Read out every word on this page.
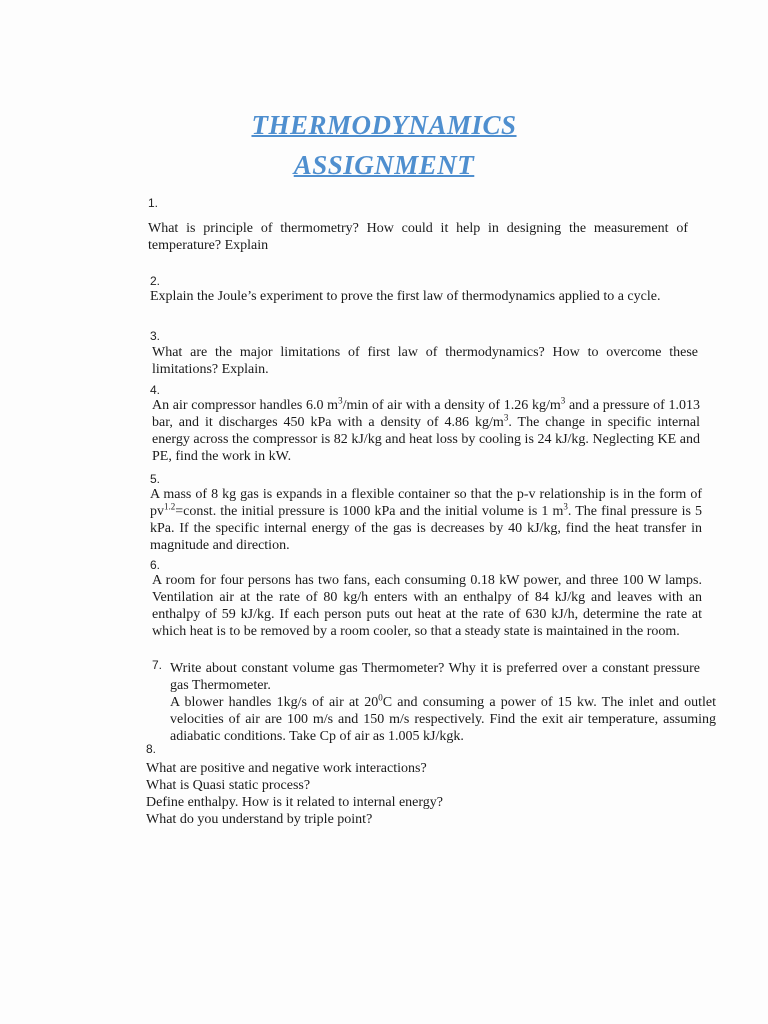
THERMODYNAMICS
ASSIGNMENT
1.
What is principle of thermometry? How could it help in designing the measurement of temperature? Explain
2.
Explain the Joule’s experiment to prove the first law of thermodynamics applied to a cycle.
3.
What are the major limitations of first law of thermodynamics? How to overcome these limitations? Explain.
4.
An air compressor handles 6.0 $m^3/\min$ of air with a density of 1.26 $kg/m^3$ and a pressure of 1.013 bar, and it discharges 450 kPa with a density of 4.86 $kg/m^3$. The change in specific internal energy across the compressor is 82 kJ/kg and heat loss by cooling is 24 kJ/kg. Neglecting KE and PE, find the work in kW.
5.
A mass of 8 kg gas is expands in a flexible container so that the p-v relationship is in the form of $pv^{1.2}=const$. the initial pressure is 1000 kPa and the initial volume is 1 $m^3$. The final pressure is 5 kPa. If the specific internal energy of the gas is decreases by 40 kJ/kg, find the heat transfer in magnitude and direction.
6.
A room for four persons has two fans, each consuming 0.18 kW power, and three 100 W lamps. Ventilation air at the rate of 80 kg/h enters with an enthalpy of 84 kJ/kg and leaves with an enthalpy of 59 kJ/kg. If each person puts out heat at the rate of 630 kJ/h, determine the rate at which heat is to be removed by a room cooler, so that a steady state is maintained in the room.
7. Write about constant volume gas Thermometer? Why it is preferred over a constant pressure gas Thermometer.
A blower handles 1kg/s of air at $20^0C$ and consuming a power of 15 kw. The inlet and outlet velocities of air are 100 m/s and 150 m/s respectively. Find the exit air temperature, assuming adiabatic conditions. Take Cp of air as 1.005 kJ/kgk.
8.
What are positive and negative work interactions?
What is Quasi static process?
Define enthalpy. How is it related to internal energy?
What do you understand by triple point?
